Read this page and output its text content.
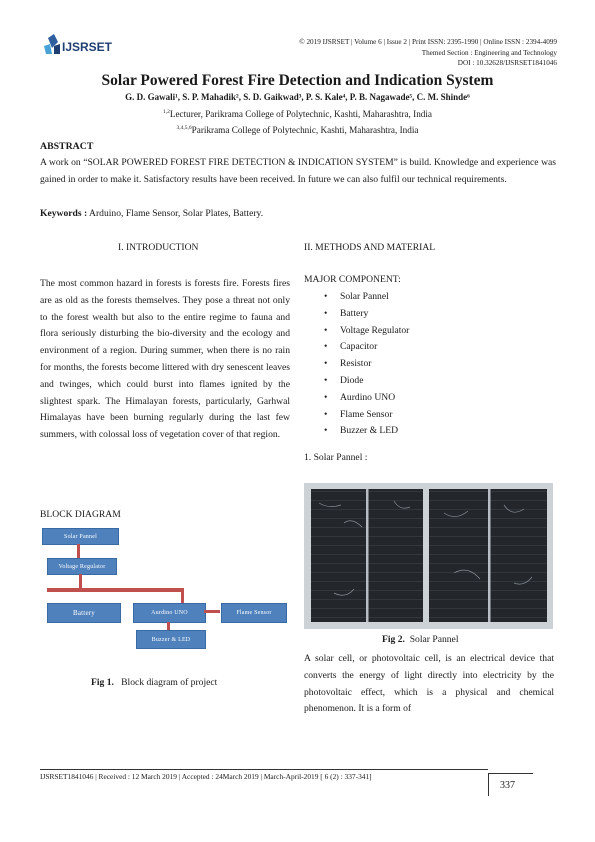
IJSRSET	© 2019 IJSRSET | Volume 6 | Issue 2 | Print ISSN: 2395-1990 | Online ISSN : 2394-4099
Themed Section : Engineering and Technology
DOI : 10.32628/IJSRSET1841046
Solar Powered Forest Fire Detection and Indication System
G. D. Gawali¹, S. P. Mahadik², S. D. Gaikwad³, P. S. Kale⁴, P. B. Nagawade⁵, C. M. Shinde⁶
$^{1,2}$Lecturer, Parikrama College of Polytechnic, Kashti, Maharashtra, India
$^{3,4,5,6}$Parikrama College of Polytechnic, Kashti, Maharashtra, India
ABSTRACT
A work on “SOLAR POWERED FOREST FIRE DETECTION & INDICATION SYSTEM” is build. Knowledge and experience was gained in order to make it. Satisfactory results have been received. In future we can also fulfil our technical requirements.
Keywords : Arduino, Flame Sensor, Solar Plates, Battery.
I. INTRODUCTION
The most common hazard in forests is forests fire. Forests fires are as old as the forests themselves. They pose a threat not only to the forest wealth but also to the entire regime to fauna and flora seriously disturbing the bio-diversity and the ecology and environment of a region. During summer, when there is no rain for months, the forests become littered with dry senescent leaves and twinges, which could burst into flames ignited by the slightest spark. The Himalayan forests, particularly, Garhwal Himalayas have been burning regularly during the last few summers, with colossal loss of vegetation cover of that region.
BLOCK DIAGRAM
Solar Pannel
Voltage Regulator
Battery	Aurdino UNO	Flame Sensor
Buzzer & LED
Fig 1. Block diagram of project
II. METHODS AND MATERIAL
MAJOR COMPONENT:
• Solar Pannel
• Battery
• Voltage Regulator
• Capacitor
• Resistor
• Diode
• Aurdino UNO
• Flame Sensor
• Buzzer & LED
1. Solar Pannel :
Fig 2. Solar Pannel
A solar cell, or photovoltaic cell, is an electrical device that converts the energy of light directly into electricity by the photovoltaic effect, which is a physical and chemical phenomenon. It is a form of
IJSRSET1841046 | Received : 12 March 2019 | Accepted : 24March 2019 | March-April-2019 [ 6 (2) : 337-341]
337
